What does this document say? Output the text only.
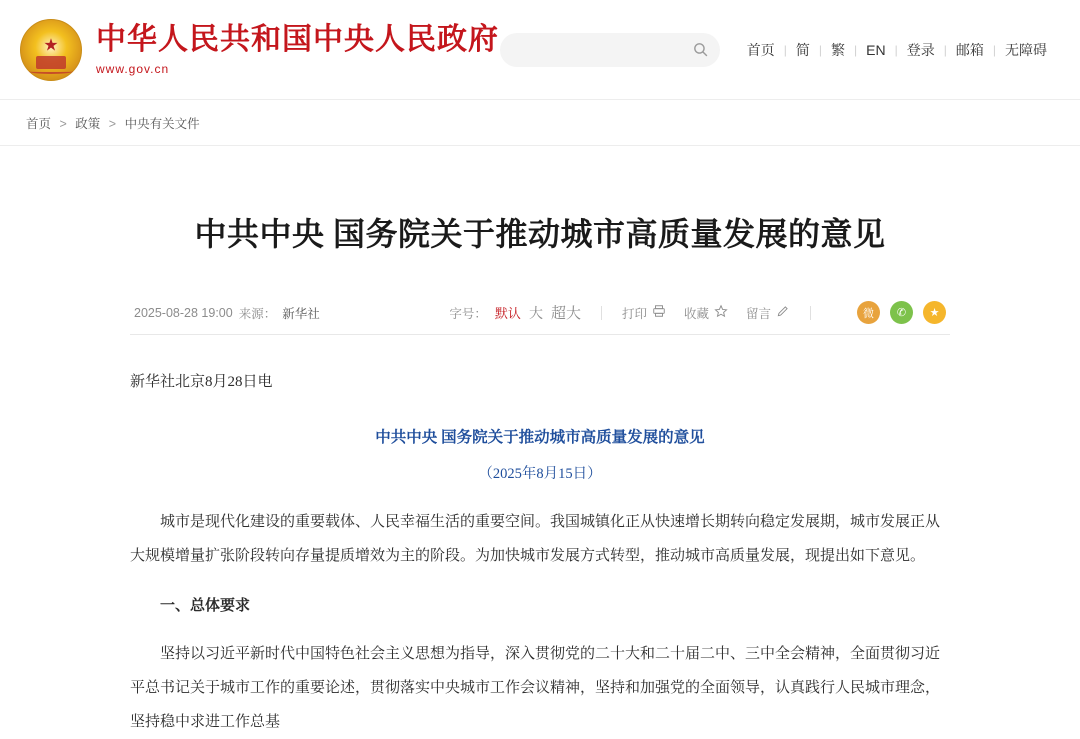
★ 中华人民共和国中央人民政府
www.gov.cn
首页 | 简 | 繁 | EN | 登录 | 邮箱 | 无障碍
首页 > 政策 > 中央有关文件
中共中央 国务院关于推动城市高质量发展的意见
2025-08-28 19:00 来源： 新华社	字号： 默认 大 超大	打印	收藏	留言	微	✆	★

新华社北京8月28日电

中共中央 国务院关于推动城市高质量发展的意见

（2025年8月15日）

城市是现代化建设的重要载体、人民幸福生活的重要空间。我国城镇化正从快速增长期转向稳定发展期，城市发展正从大规模增量扩张阶段转向存量提质增效为主的阶段。为加快城市发展方式转型，推动城市高质量发展，现提出如下意见。

一、总体要求

坚持以习近平新时代中国特色社会主义思想为指导，深入贯彻党的二十大和二十届二中、三中全会精神，全面贯彻习近平总书记关于城市工作的重要论述，贯彻落实中央城市工作会议精神，坚持和加强党的全面领导，认真践行人民城市理念，坚持稳中求进工作总基
